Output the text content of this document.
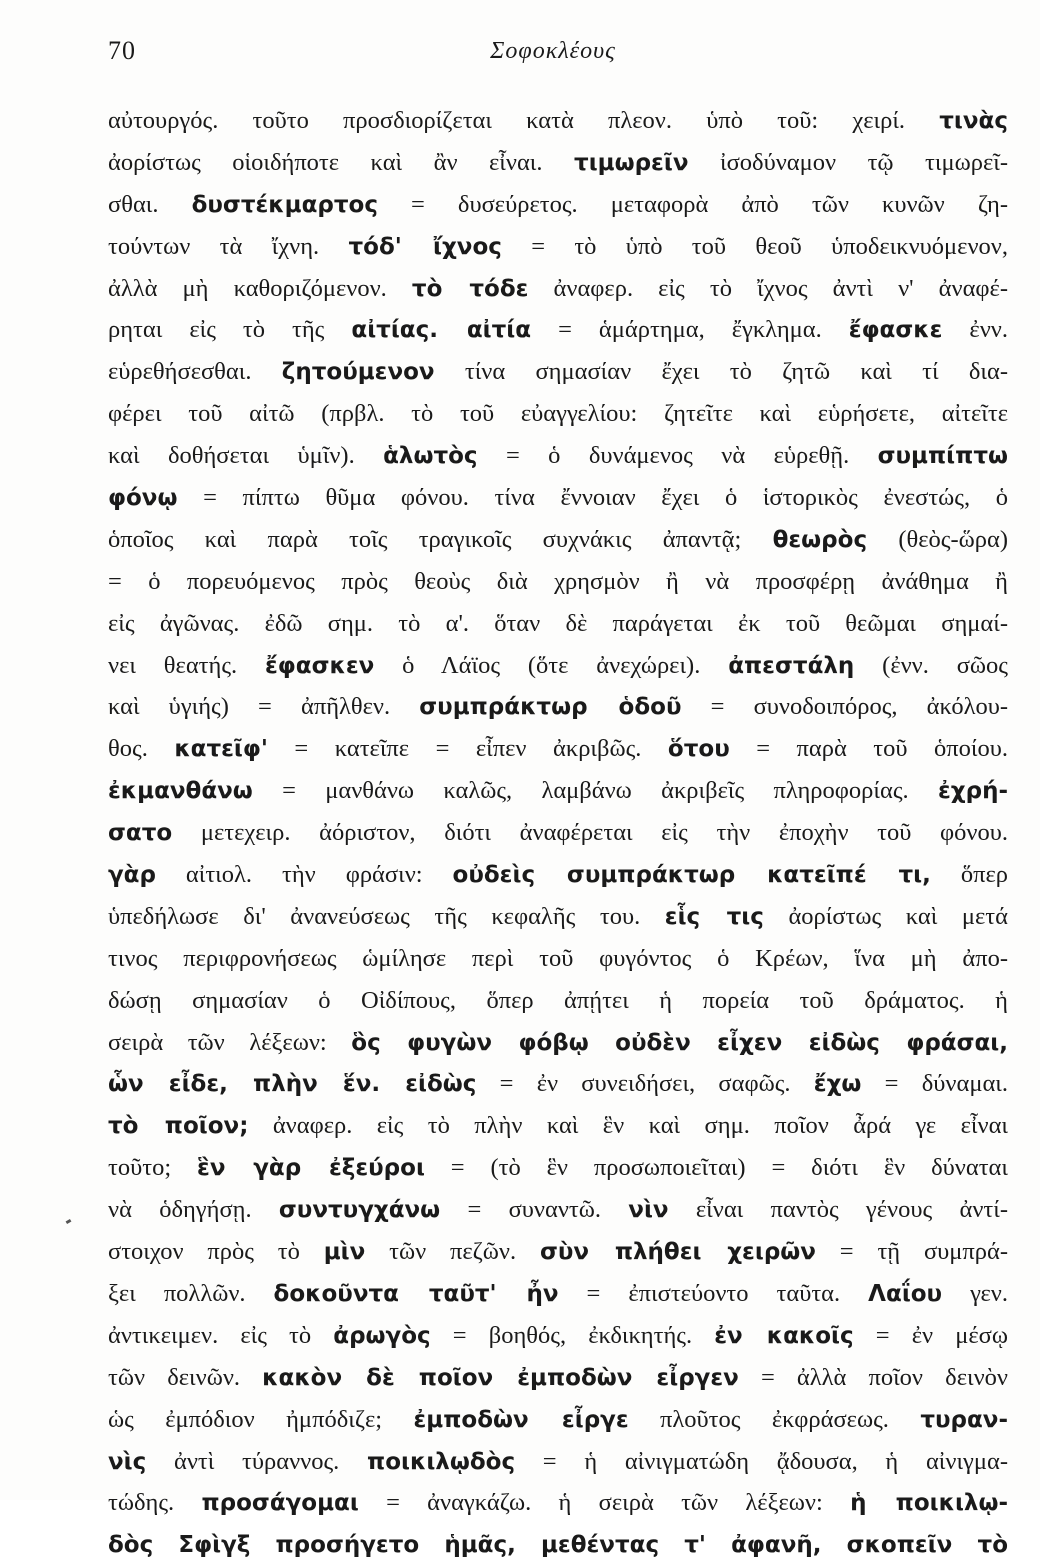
70	Σοφοκλέους
αὐτουργός. τοῦτο προσδιορίζεται κατὰ πλεον. ὑπὸ τοῦ: χειρί. τινὰς
ἀορίστως οἱοιδήποτε καὶ ἂν εἶναι. τιμωρεῖν ἰσοδύναμον τῷ τιμωρεῖ-
σθαι. δυστέκμαρτος = δυσεύρετος. μεταφορὰ ἀπὸ τῶν κυνῶν ζη-
τούντων τὰ ἴχνη. τόδ' ἴχνος = τὸ ὑπὸ τοῦ θεοῦ ὑποδεικνυόμενον,
ἀλλὰ μὴ καθοριζόμενον. τὸ τόδε ἀναφερ. εἰς τὸ ἴχνος ἀντὶ ν' ἀναφέ-
ρηται εἰς τὸ τῆς αἰτίας. αἰτία = ἁμάρτημα, ἔγκλημα. ἔφασκε ἐνν.
εὑρεθήσεσθαι. ζητούμενον τίνα σημασίαν ἔχει τὸ ζητῶ καὶ τί δια-
φέρει τοῦ αἰτῶ (πρβλ. τὸ τοῦ εὐαγγελίου: ζητεῖτε καὶ εὑρήσετε, αἰτεῖτε
καὶ δοθήσεται ὑμῖν). ἁλωτὸς = ὁ δυνάμενος νὰ εὑρεθῇ. συμπίπτω
φόνῳ = πίπτω θῦμα φόνου. τίνα ἔννοιαν ἔχει ὁ ἱστορικὸς ἐνεστώς, ὁ
ὁποῖος καὶ παρὰ τοῖς τραγικοῖς συχνάκις ἀπαντᾷ; θεωρὸς (θεὸς-ὥρα)
= ὁ πορευόμενος πρὸς θεοὺς διὰ χρησμὸν ἢ νὰ προσφέρῃ ἀνάθημα ἢ
εἰς ἀγῶνας. ἐδῶ σημ. τὸ α'. ὅταν δὲ παράγεται ἐκ τοῦ θεῶμαι σημαί-
νει θεατής. ἔφασκεν ὁ Λάϊος (ὅτε ἀνεχώρει). ἀπεστάλη (ἐνν. σῶος
καὶ ὑγιής) = ἀπῆλθεν. συμπράκτωρ ὁδοῦ = συνοδοιπόρος, ἀκόλου-
θος. κατεῖφ' = κατεῖπε = εἶπεν ἀκριβῶς. ὅτου = παρὰ τοῦ ὁποίου.
ἐκμανθάνω = μανθάνω καλῶς, λαμβάνω ἀκριβεῖς πληροφορίας. ἐχρή-
σατο μετεχειρ. ἀόριστον, διότι ἀναφέρεται εἰς τὴν ἐποχὴν τοῦ φόνου.
γὰρ αἰτιολ. τὴν φράσιν: οὐδεὶς συμπράκτωρ κατεῖπέ τι, ὅπερ
ὑπεδήλωσε δι' ἀνανεύσεως τῆς κεφαλῆς του. εἷς τις ἀορίστως καὶ μετά
τινος περιφρονήσεως ὡμίλησε περὶ τοῦ φυγόντος ὁ Κρέων, ἵνα μὴ ἀπο-
δώσῃ σημασίαν ὁ Οἰδίπους, ὅπερ ἀπῄτει ἡ πορεία τοῦ δράματος. ἡ
σειρὰ τῶν λέξεων: ὃς φυγὼν φόβῳ οὐδὲν εἶχεν εἰδὼς φράσαι,
ὧν εἶδε, πλὴν ἕν. εἰδὼς = ἐν συνειδήσει, σαφῶς. ἔχω = δύναμαι.
τὸ ποῖον; ἀναφερ. εἰς τὸ πλὴν καὶ ἓν καὶ σημ. ποῖον ἆρά γε εἶναι
τοῦτο; ἓν γὰρ ἐξεύροι = (τὸ ἓν προσωποιεῖται) = διότι ἓν δύναται
νὰ ὁδηγήσῃ. συντυγχάνω = συναντῶ. νὶν εἶναι παντὸς γένους ἀντί-
στοιχον πρὸς τὸ μὶν τῶν πεζῶν. σὺν πλήθει χειρῶν = τῇ συμπρά-
ξει πολλῶν. δοκοῦντα ταῦτ' ἦν = ἐπιστεύοντο ταῦτα. Λαΐου γεν.
ἀντικειμεν. εἰς τὸ ἀρωγὸς = βοηθός, ἐκδικητής. ἐν κακοῖς = ἐν μέσῳ
τῶν δεινῶν. κακὸν δὲ ποῖον ἐμποδὼν εἶργεν = ἀλλὰ ποῖον δεινὸν
ὡς ἐμπόδιον ἠμπόδιζε; ἐμποδὼν εἶργε πλοῦτος ἐκφράσεως. τυραν-
νὶς ἀντὶ τύραννος. ποικιλῳδὸς = ἡ αἰνιγματώδη ᾄδουσα, ἡ αἰνιγμα-
τώδης. προσάγομαι = ἀναγκάζω. ἡ σειρὰ τῶν λέξεων: ἡ ποικιλῳ-
δὸς Σφὶγξ προσήγετο ἡμᾶς, μεθέντας τ' ἀφανῆ, σκοπεῖν τὸ
